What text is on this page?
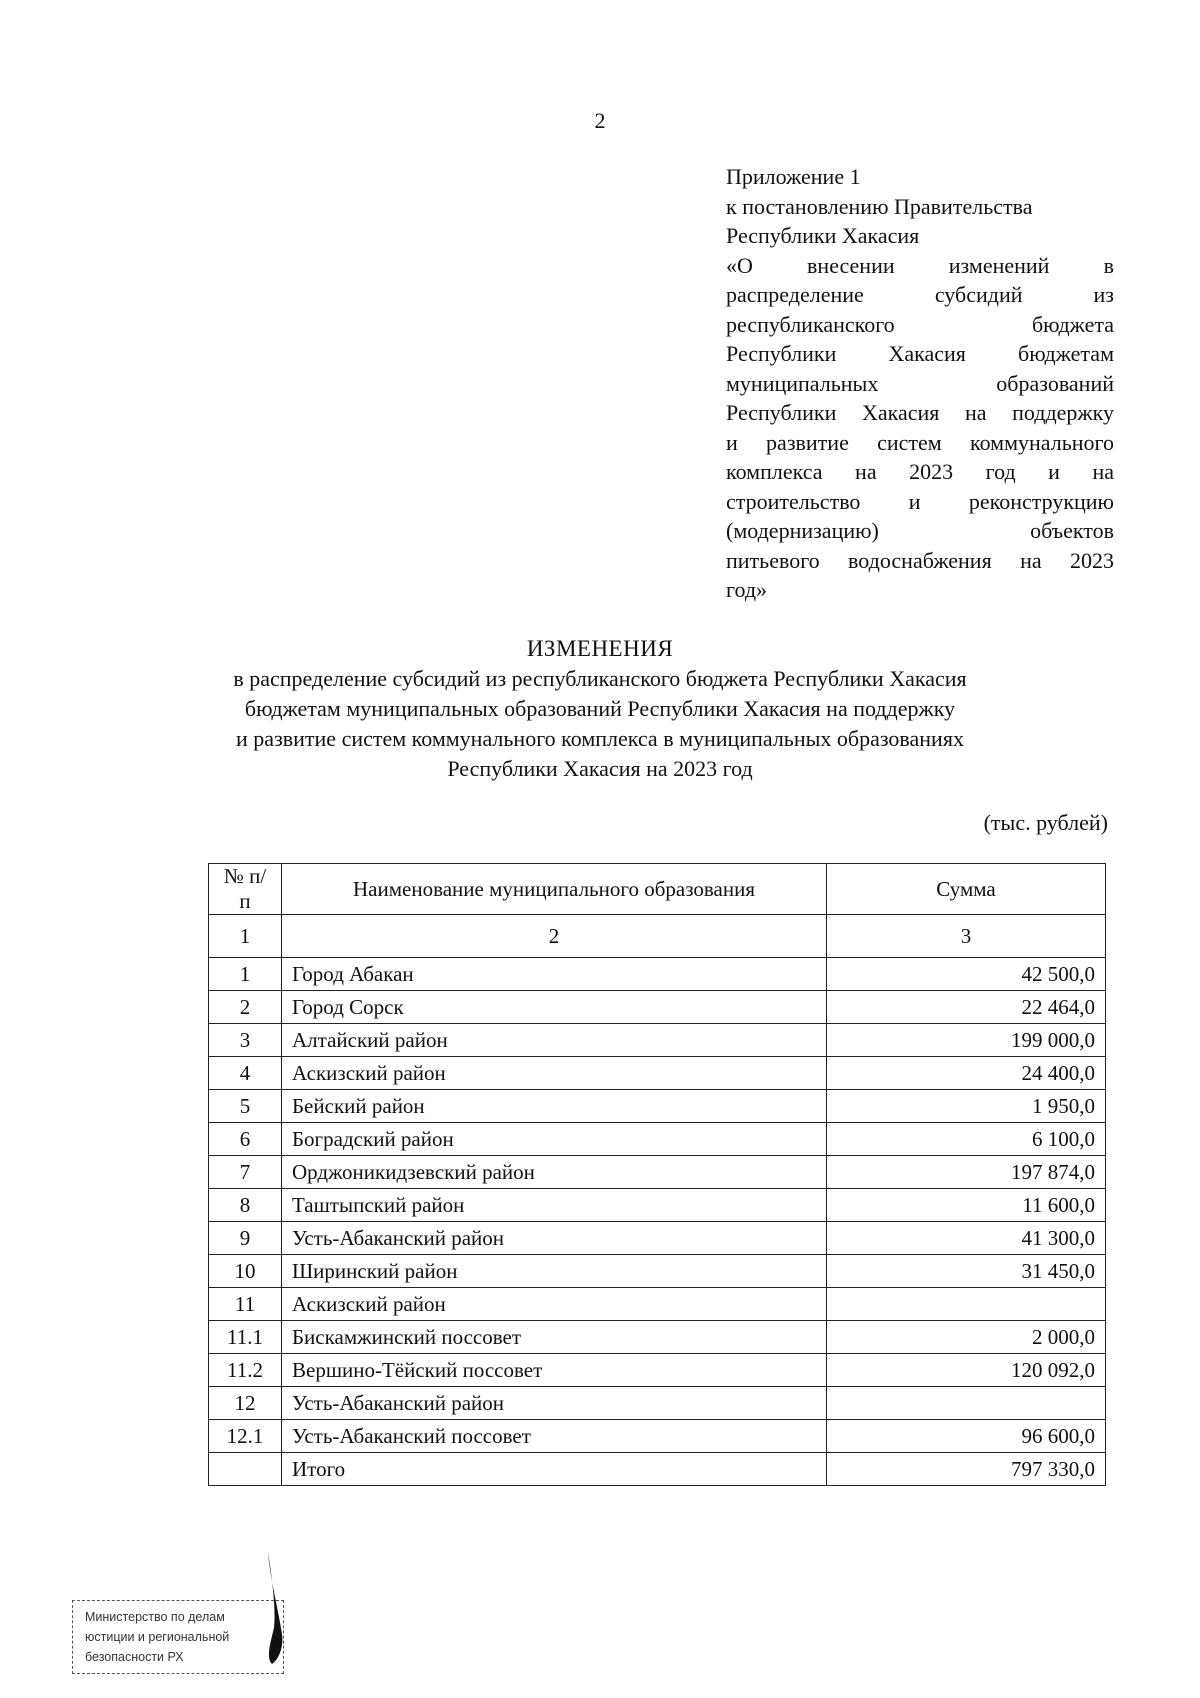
2
Приложение 1
к постановлению Правительства
Республики Хакасия
«О внесении изменений в
распределение субсидий из
республиканского бюджета
Республики Хакасия бюджетам
муниципальных образований
Республики Хакасия на поддержку
и развитие систем коммунального
комплекса на 2023 год и на
строительство и реконструкцию
(модернизацию) объектов
питьевого водоснабжения на 2023
год»
ИЗМЕНЕНИЯ
в распределение субсидий из республиканского бюджета Республики Хакасия
бюджетам муниципальных образований Республики Хакасия на поддержку
и развитие систем коммунального комплекса в муниципальных образованиях
Республики Хакасия на 2023 год
(тыс. рублей)
№ п/п	Наименование муниципального образования	Сумма
1	2	3
1	Город Абакан	42 500,0
2	Город Сорск	22 464,0
3	Алтайский район	199 000,0
4	Аскизский район	24 400,0
5	Бейский район	1 950,0
6	Боградский район	6 100,0
7	Орджоникидзевский район	197 874,0
8	Таштыпский район	11 600,0
9	Усть-Абаканский район	41 300,0
10	Ширинский район	31 450,0
11	Аскизский район	
11.1	Бискамжинский поссовет	2 000,0
11.2	Вершино-Тёйский поссовет	120 092,0
12	Усть-Абаканский район	
12.1	Усть-Абаканский поссовет	96 600,0
	Итого	797 330,0
Министерство по делам
юстиции и региональной
безопасности РХ
